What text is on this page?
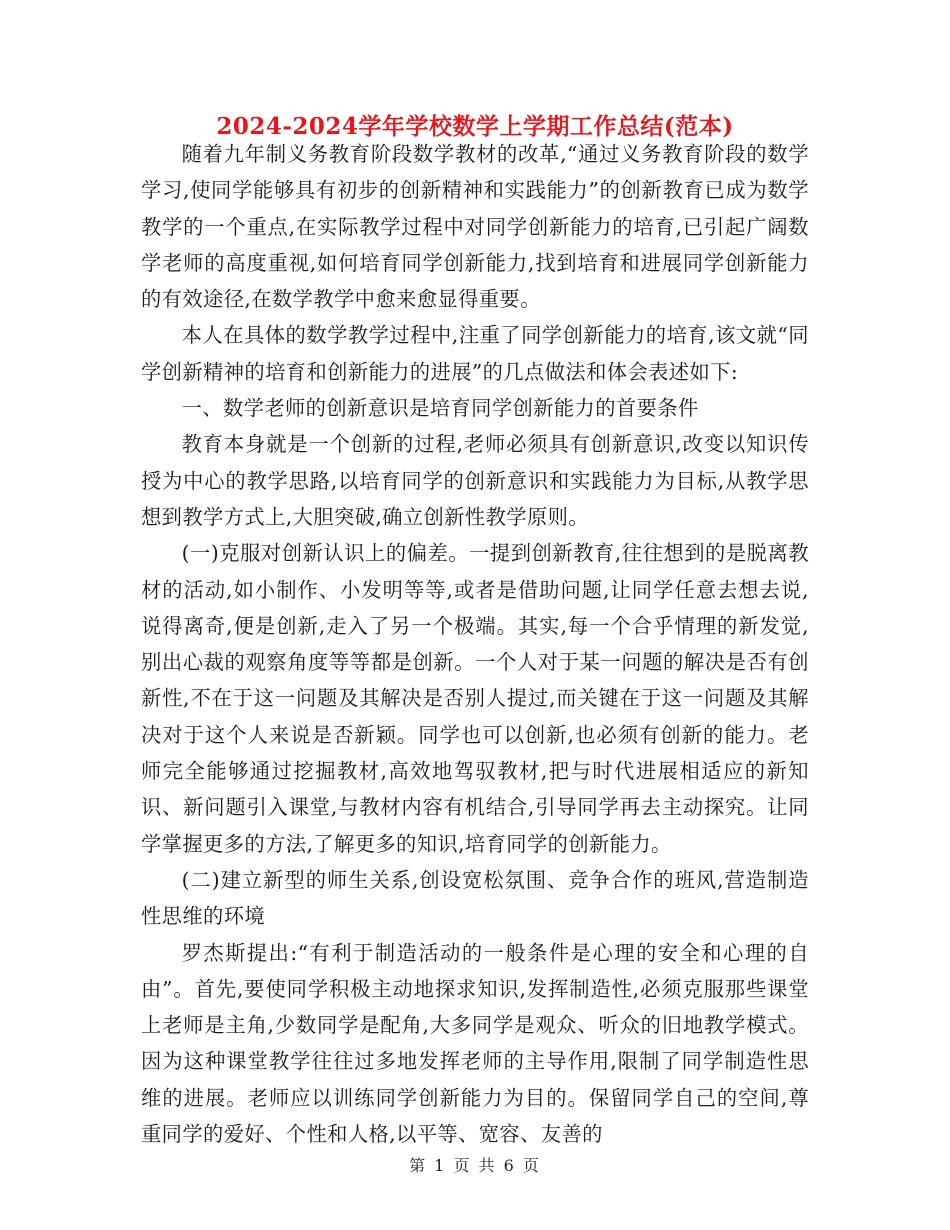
2024-2024学年学校数学上学期工作总结(范本)

随着九年制义务教育阶段数学教材的改革,“通过义务教育阶段的数学学习,使同学能够具有初步的创新精神和实践能力”的创新教育已成为数学教学的一个重点,在实际教学过程中对同学创新能力的培育,已引起广阔数学老师的高度重视,如何培育同学创新能力,找到培育和进展同学创新能力的有效途径,在数学教学中愈来愈显得重要。

本人在具体的数学教学过程中,注重了同学创新能力的培育,该文就“同学创新精神的培育和创新能力的进展”的几点做法和体会表述如下:

一、数学老师的创新意识是培育同学创新能力的首要条件

教育本身就是一个创新的过程,老师必须具有创新意识,改变以知识传授为中心的教学思路,以培育同学的创新意识和实践能力为目标,从教学思想到教学方式上,大胆突破,确立创新性教学原则。

(一)克服对创新认识上的偏差。一提到创新教育,往往想到的是脱离教材的活动,如小制作、小发明等等,或者是借助问题,让同学任意去想去说,说得离奇,便是创新,走入了另一个极端。其实,每一个合乎情理的新发觉,别出心裁的观察角度等等都是创新。一个人对于某一问题的解决是否有创新性,不在于这一问题及其解决是否别人提过,而关键在于这一问题及其解决对于这个人来说是否新颖。同学也可以创新,也必须有创新的能力。老师完全能够通过挖掘教材,高效地驾驭教材,把与时代进展相适应的新知识、新问题引入课堂,与教材内容有机结合,引导同学再去主动探究。让同学掌握更多的方法,了解更多的知识,培育同学的创新能力。

(二)建立新型的师生关系,创设宽松氛围、竞争合作的班风,营造制造性思维的环境

罗杰斯提出:“有利于制造活动的一般条件是心理的安全和心理的自由”。首先,要使同学积极主动地探求知识,发挥制造性,必须克服那些课堂上老师是主角,少数同学是配角,大多同学是观众、听众的旧地教学模式。因为这种课堂教学往往过多地发挥老师的主导作用,限制了同学制造性思维的进展。老师应以训练同学创新能力为目的。保留同学自己的空间,尊重同学的爱好、个性和人格,以平等、宽容、友善的

第 1 页 共 6 页
